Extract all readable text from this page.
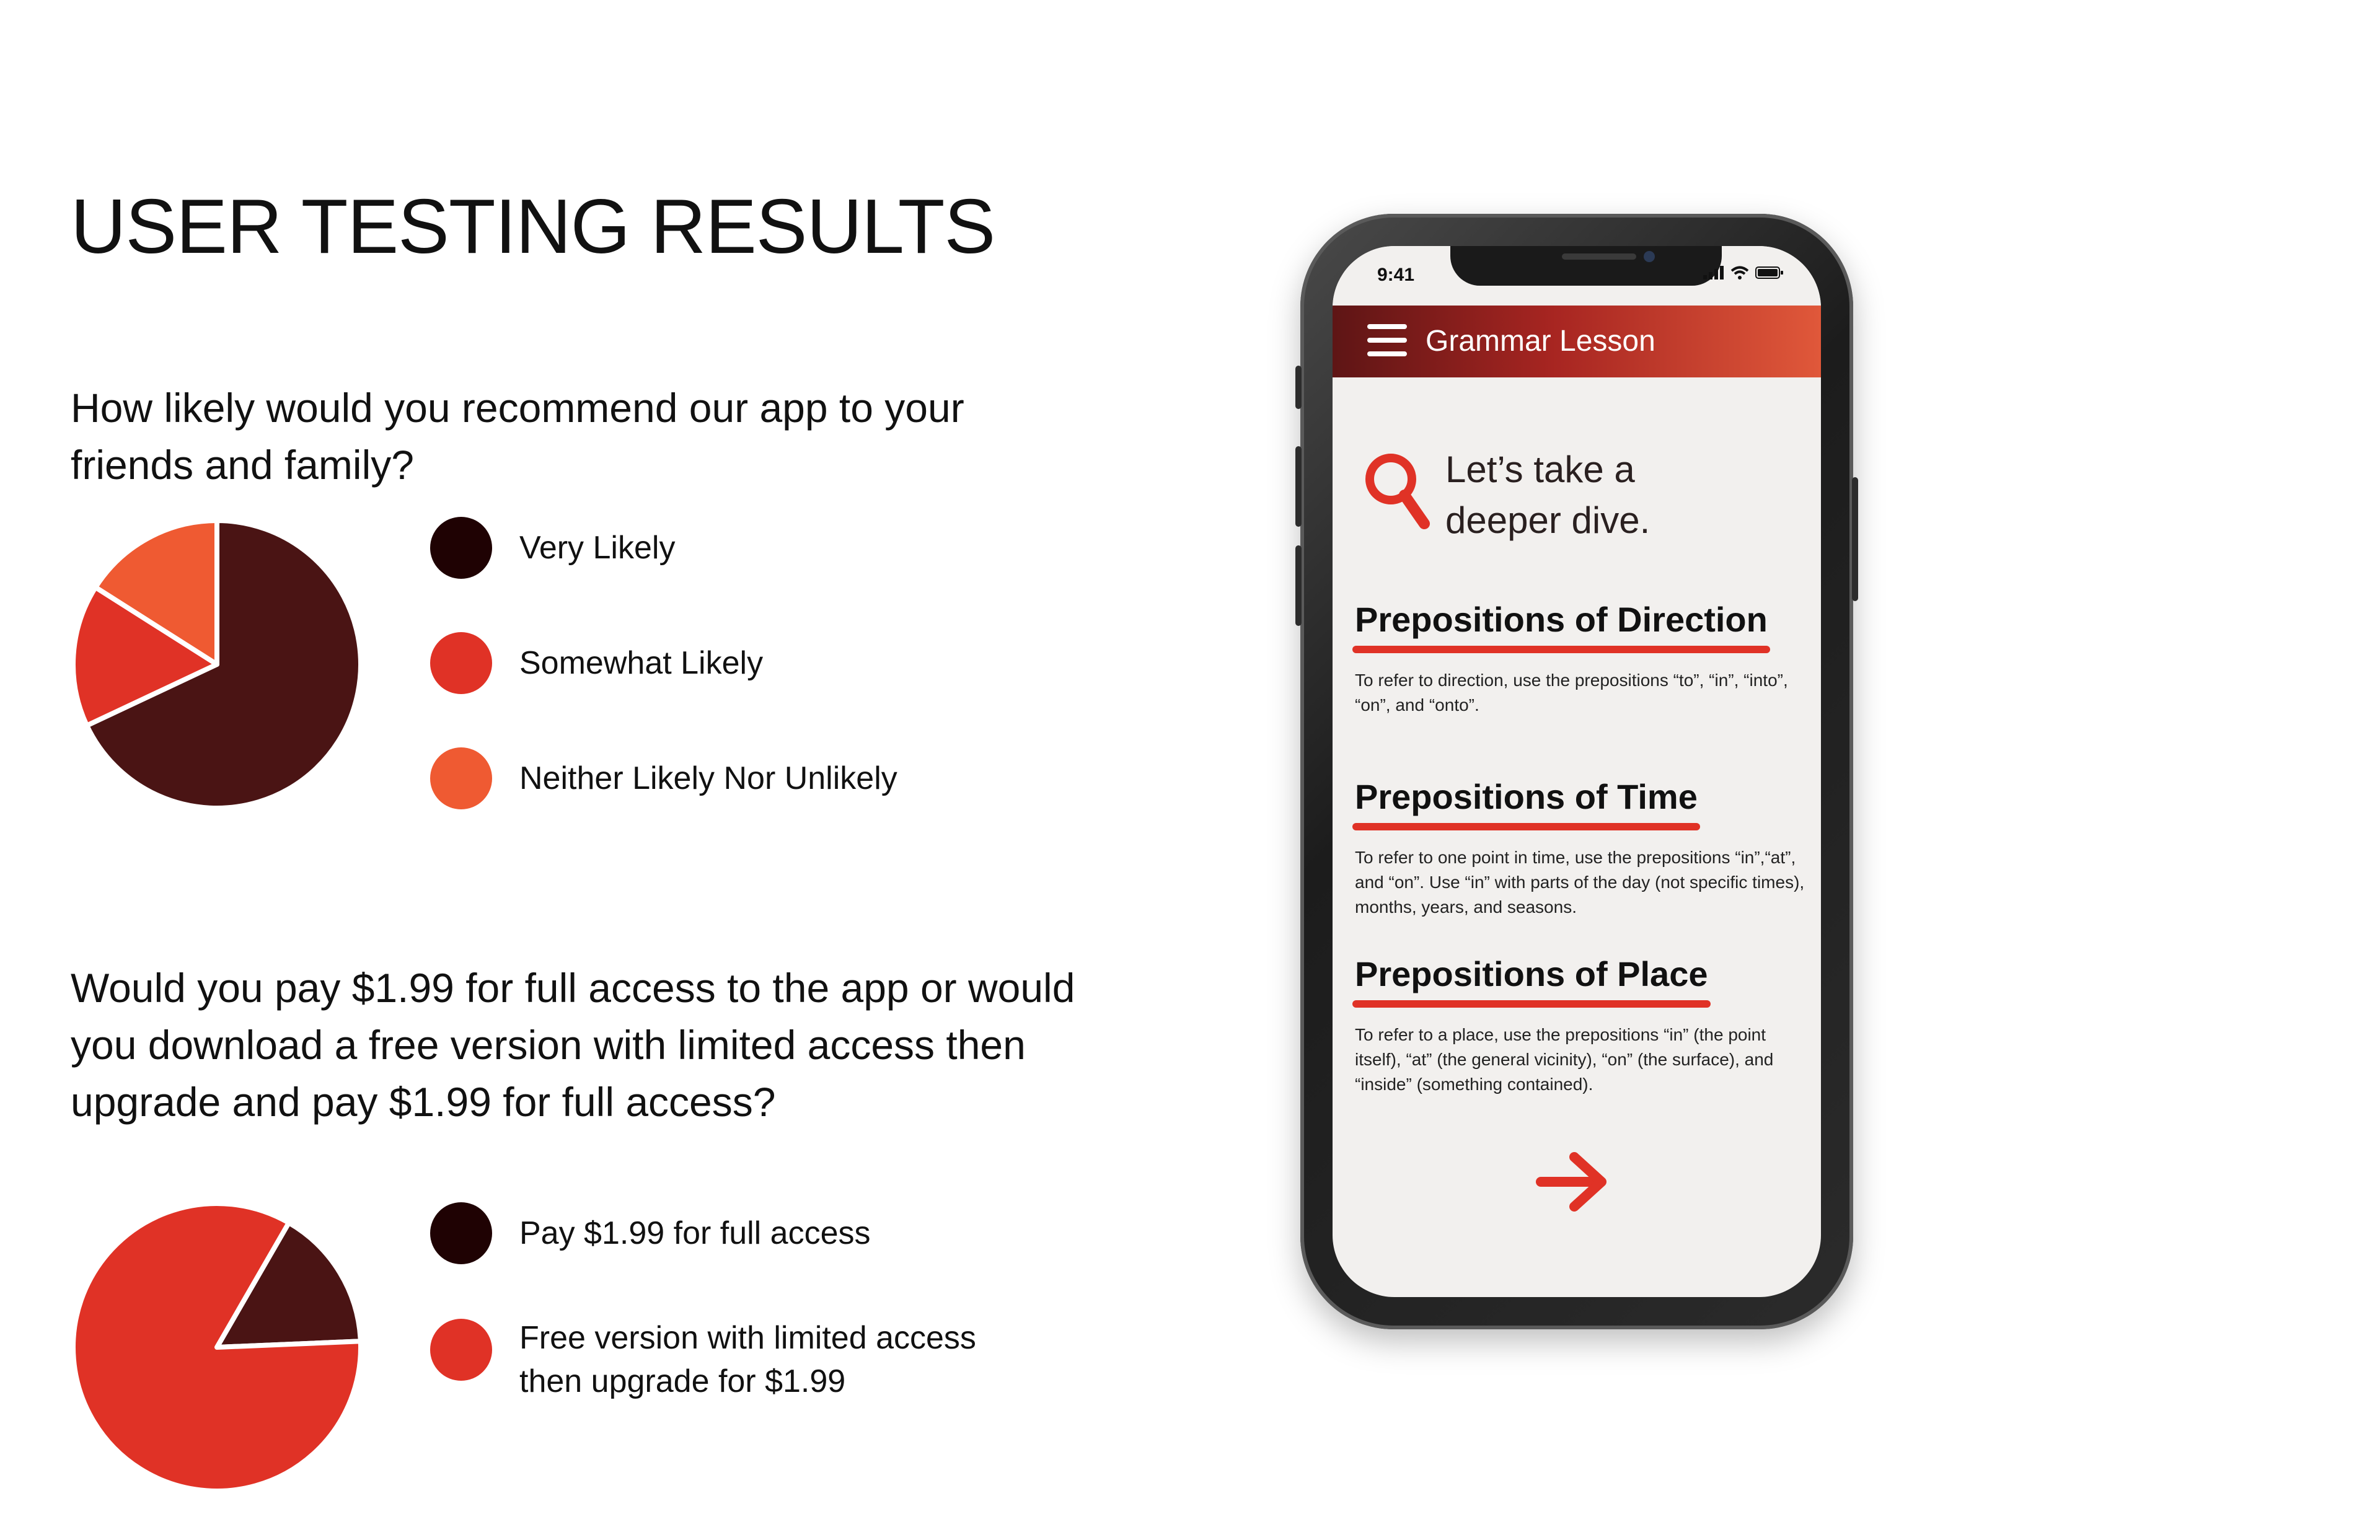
USER TESTING RESULTS
How likely would you recommend our app to your friends and family?
Very Likely
Somewhat Likely
Neither Likely Nor Unlikely
Would you pay $1.99 for full access to the app or would you download a free version with limited access then upgrade and pay $1.99 for full access?
Pay $1.99 for full access
Free version with limited access
then upgrade for $1.99
9:41
Grammar Lesson
Let’s take a
deeper dive.
Prepositions of Direction
To refer to direction, use the prepositions “to”, “in”, “into”, “on”, and “onto”.
Prepositions of Time
To refer to one point in time, use the prepositions “in”,“at”, and “on”. Use “in” with parts of the day (not specific times), months, years, and seasons.
Prepositions of Place
To refer to a place, use the prepositions “in” (the point itself), “at” (the general vicinity), “on” (the surface), and “inside” (something contained).
